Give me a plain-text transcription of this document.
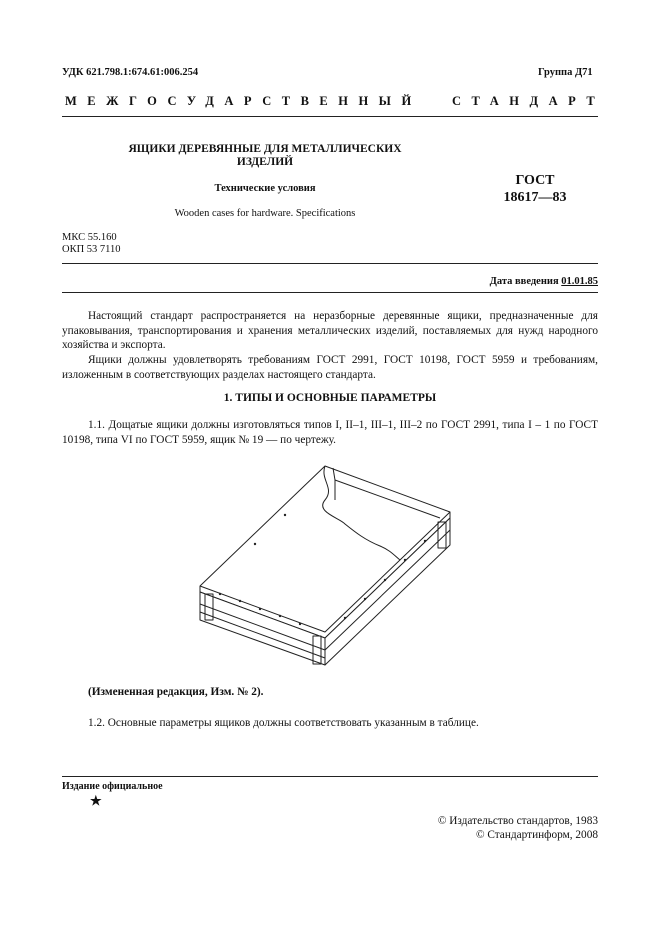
УДК 621.798.1:674.61:006.254	Группа Д71
МЕЖГОСУДАРСТВЕННЫЙ СТАНДАРТ
ЯЩИКИ ДЕРЕВЯННЫЕ ДЛЯ МЕТАЛЛИЧЕСКИХ
ИЗДЕЛИЙ
Технические условия
Wooden cases for hardware. Specifications
ГОСТ
18617—83
МКС 55.160
ОКП 53 7110
Дата введения 01.01.85
Настоящий стандарт распространяется на неразборные деревянные ящики, предназначенные для упаковывания, транспортирования и хранения металлических изделий, поставляемых для нужд народного хозяйства и экспорта.
Ящики должны удовлетворять требованиям ГОСТ 2991, ГОСТ 10198, ГОСТ 5959 и требованиям, изложенным в соответствующих разделах настоящего стандарта.
1. ТИПЫ И ОСНОВНЫЕ ПАРАМЕТРЫ
1.1. Дощатые ящики должны изготовляться типов I, II–1, III–1, III–2 по ГОСТ 2991, типа I – 1 по ГОСТ 10198, типа VI по ГОСТ 5959, ящик № 19 — по чертежу.
(Измененная редакция, Изм. № 2).
1.2. Основные параметры ящиков должны соответствовать указанным в таблице.
Издание официальное
★
© Издательство стандартов, 1983
© Стандартинформ, 2008
